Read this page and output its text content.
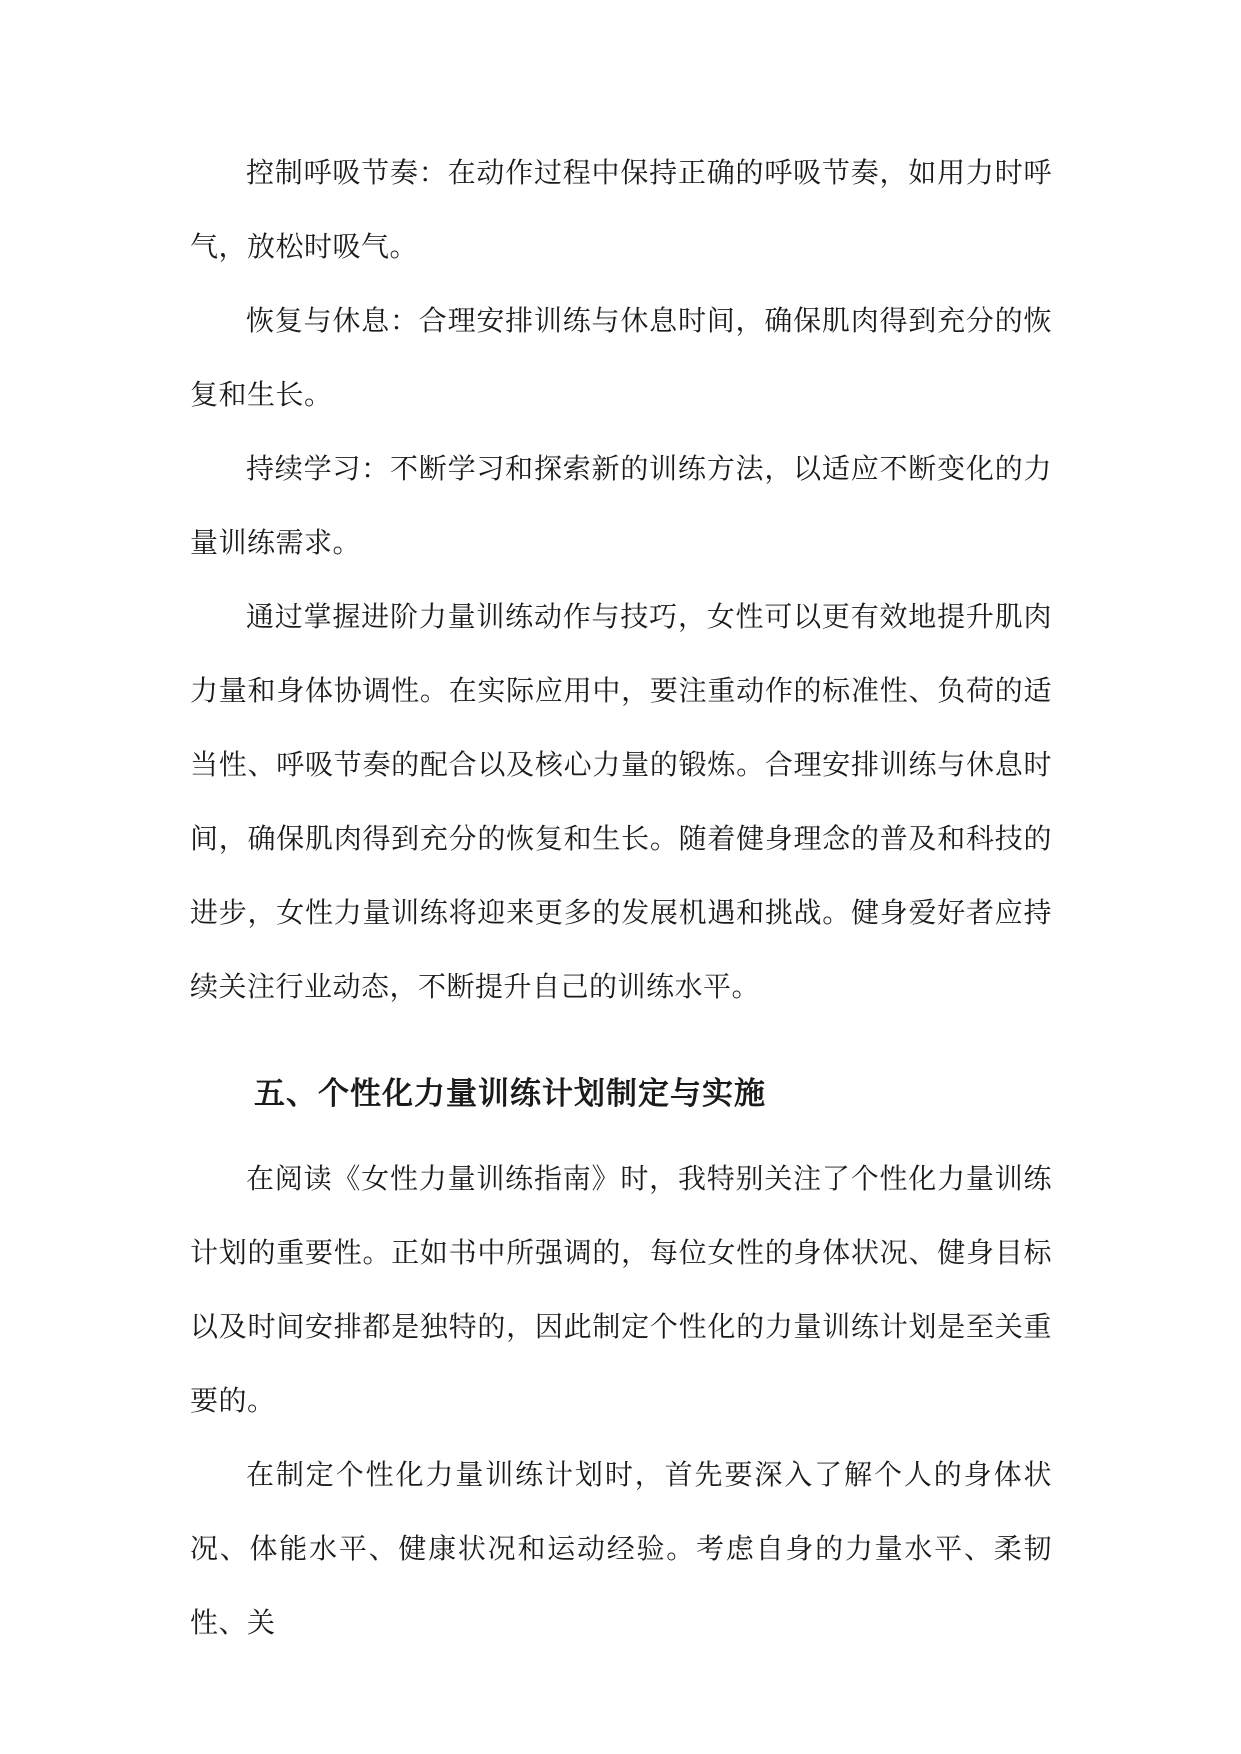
控制呼吸节奏：在动作过程中保持正确的呼吸节奏，如用力时呼气，放松时吸气。

恢复与休息：合理安排训练与休息时间，确保肌肉得到充分的恢复和生长。

持续学习：不断学习和探索新的训练方法，以适应不断变化的力量训练需求。

通过掌握进阶力量训练动作与技巧，女性可以更有效地提升肌肉力量和身体协调性。在实际应用中，要注重动作的标准性、负荷的适当性、呼吸节奏的配合以及核心力量的锻炼。合理安排训练与休息时间，确保肌肉得到充分的恢复和生长。随着健身理念的普及和科技的进步，女性力量训练将迎来更多的发展机遇和挑战。健身爱好者应持续关注行业动态，不断提升自己的训练水平。

五、个性化力量训练计划制定与实施

在阅读《女性力量训练指南》时，我特别关注了个性化力量训练计划的重要性。正如书中所强调的，每位女性的身体状况、健身目标以及时间安排都是独特的，因此制定个性化的力量训练计划是至关重要的。

在制定个性化力量训练计划时，首先要深入了解个人的身体状况、体能水平、健康状况和运动经验。考虑自身的力量水平、柔韧性、关
